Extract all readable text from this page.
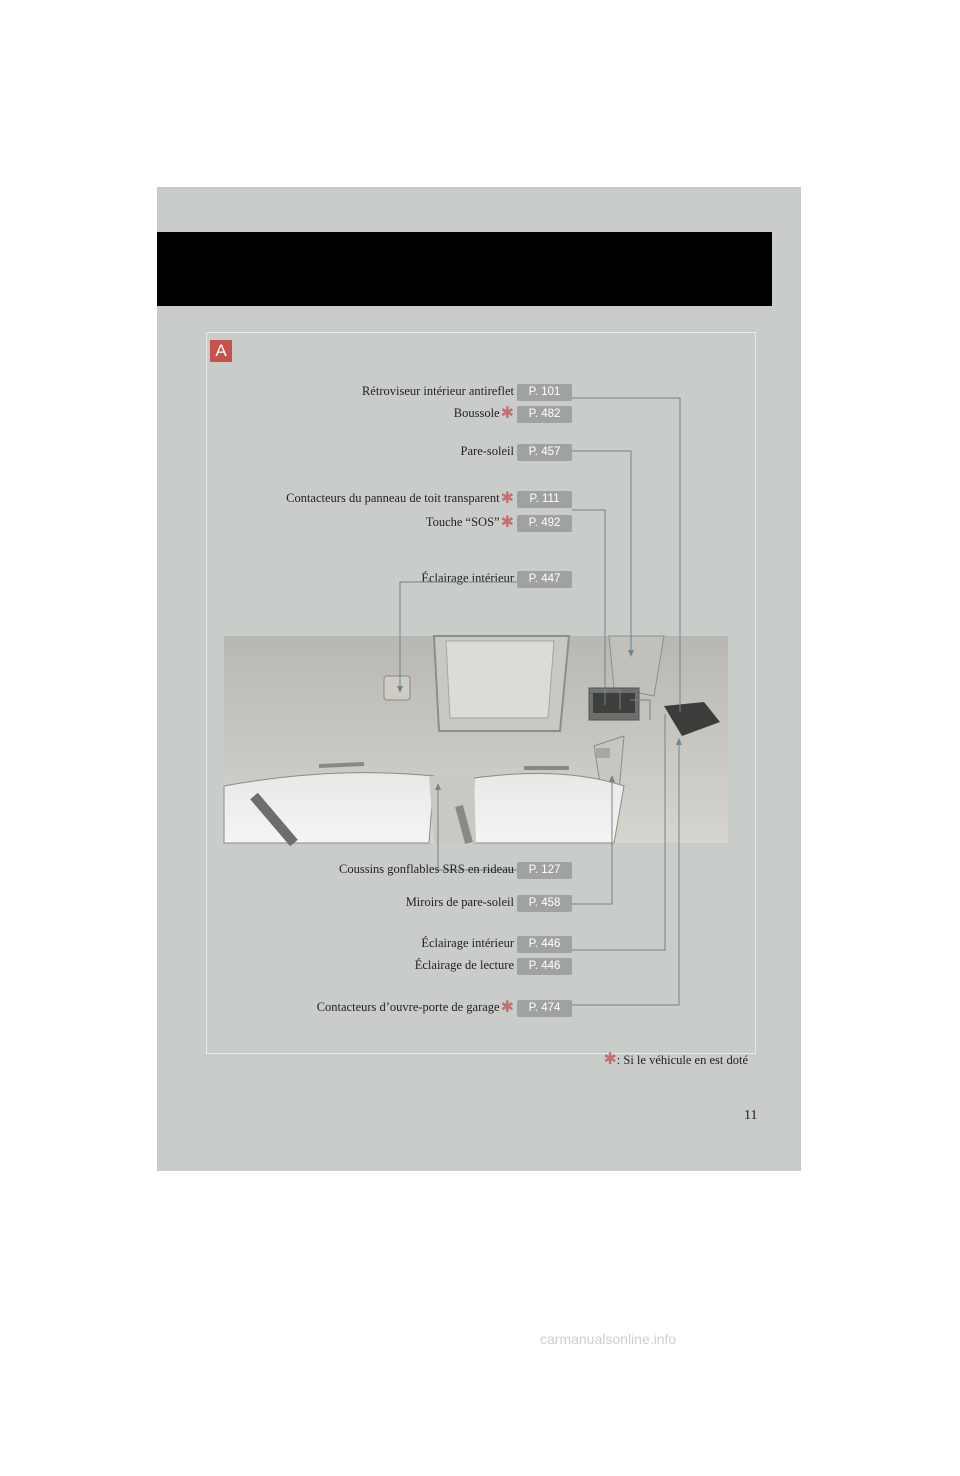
A
Rétroviseur intérieur antireflet	P. 101
Boussole ✱	P. 482
Pare-soleil	P. 457
Contacteurs du panneau de toit transparent ✱	P. 111
Touche “SOS” ✱	P. 492
Éclairage intérieur	P. 447
ILYPH003a
Coussins gonflables SRS en rideau	P. 127
Miroirs de pare-soleil	P. 458
Éclairage intérieur	P. 446
Éclairage de lecture	P. 446
Contacteurs d’ouvre-porte de garage ✱	P. 474
✱: Si le véhicule en est doté
11
carmanualsonline.info
